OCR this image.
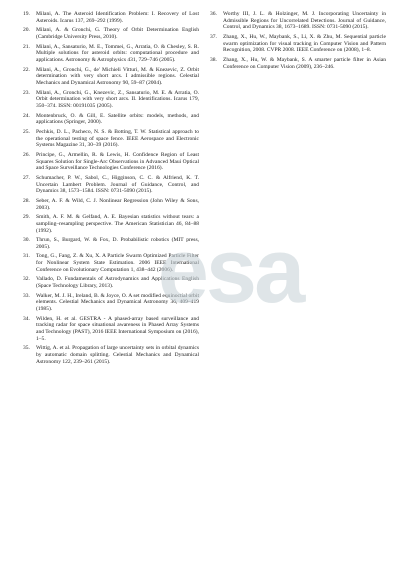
19.	Milani, A. The Asteroid Identification Problem: I. Recovery of Lost Asteroids. Icarus 137, 269–292 (1999).
20.	Milani, A. & Gronchi, G. Theory of Orbit Determination English (Cambridge University Press, 2010).
21.	Milani, A., Sansaturio, M. E., Tommei, G., Arratia, O. & Chesley, S. R. Multiple solutions for asteroid orbits: computational procedure and applications. Astronomy & Astrophysics 431, 729–746 (2005).
22.	Milani, A., Gronchi, G., de' Michieli Vitturi, M. & Knezevic, Z. Orbit determination with very short arcs. I admissible regions. Celestial Mechanics and Dynamical Astronomy 90, 59–87 (2004).
23.	Milani, A., Gronchi, G., Knezevic, Z., Sansaturio, M. E. & Arratia, O. Orbit determination with very short arcs. II. Identifications. Icarus 179, 350–374. ISSN: 00191035 (2005).
24.	Montenbruck, O. & Gill, E. Satellite orbits: models, methods, and applications (Springer, 2000).
25.	Pechkis, D. L., Pacheco, N. S. & Botting, T. W. Statistical approach to the operational testing of space fence. IEEE Aerospace and Electronic Systems Magazine 31, 30–39 (2016).
26.	Principe, G., Armellin, R. & Lewis, H. Confidence Region of Least Squares Solution for Single-Arc Observations in Advanced Maui Optical and Space Surveillance Technologies Conference (2016).
27.	Schumacher, P. W., Sabol, C., Higginson, C. C. & Alfriend, K. T. Uncertain Lambert Problem. Journal of Guidance, Control, and Dynamics 38, 1573–1584. ISSN: 0731-5090 (2015).
28.	Seber, A. F. & Wild, C. J. Nonlinear Regression (John Wiley & Sons, 2003).
29.	Smith, A. F. M. & Gelfand, A. E. Bayesian statistics without tears: a sampling–resampling perspective. The American Statistician 46, 84–88 (1992).
30.	Thrun, S., Burgard, W. & Fox, D. Probabilistic robotics (MIT press, 2005).
31.	Tong, G., Fang, Z. & Xu, X. A Particle Swarm Optimized Particle Filter for Nonlinear System State Estimation. 2006 IEEE International Conference on Evolutionary Computation 1, 438–442 (2006).
32.	Vallado, D. Fundamentals of Astrodynamics and Applications English (Space Technology Library, 2013).
33.	Walker, M. J. H., Ireland, B. & Joyce, O. A set modified equinoctial orbit elements. Celestial Mechanics and Dynamical Astronomy 36, 409–419 (1985).
34.	Wilden, H. et al. GESTRA - A phased-array based surveillance and tracking radar for space situational awareness in Phased Array Systems and Technology (PAST), 2016 IEEE International Symposium on (2016), 1–5.
35.	Wittig, A. et al. Propagation of large uncertainty sets in orbital dynamics by automatic domain splitting. Celestial Mechanics and Dynamical Astronomy 122, 239–261 (2015).
36.	Worthy III, J. L. & Holzinger, M. J. Incorporating Uncertainty in Admissible Regions for Uncorrelated Detections. Journal of Guidance, Control, and Dynamics 38, 1673–1689. ISSN: 0731-5090 (2015).
37.	Zhang, X., Hu, W., Maybank, S., Li, X. & Zhu, M. Sequential particle swarm optimization for visual tracking in Computer Vision and Pattern Recognition, 2008. CVPR 2008. IEEE Conference on (2008), 1–8.
38.	Zhang, X., Hu, W. & Maybank, S. A smarter particle filter in Asian Conference on Computer Vision (2009), 236–246.
esa
